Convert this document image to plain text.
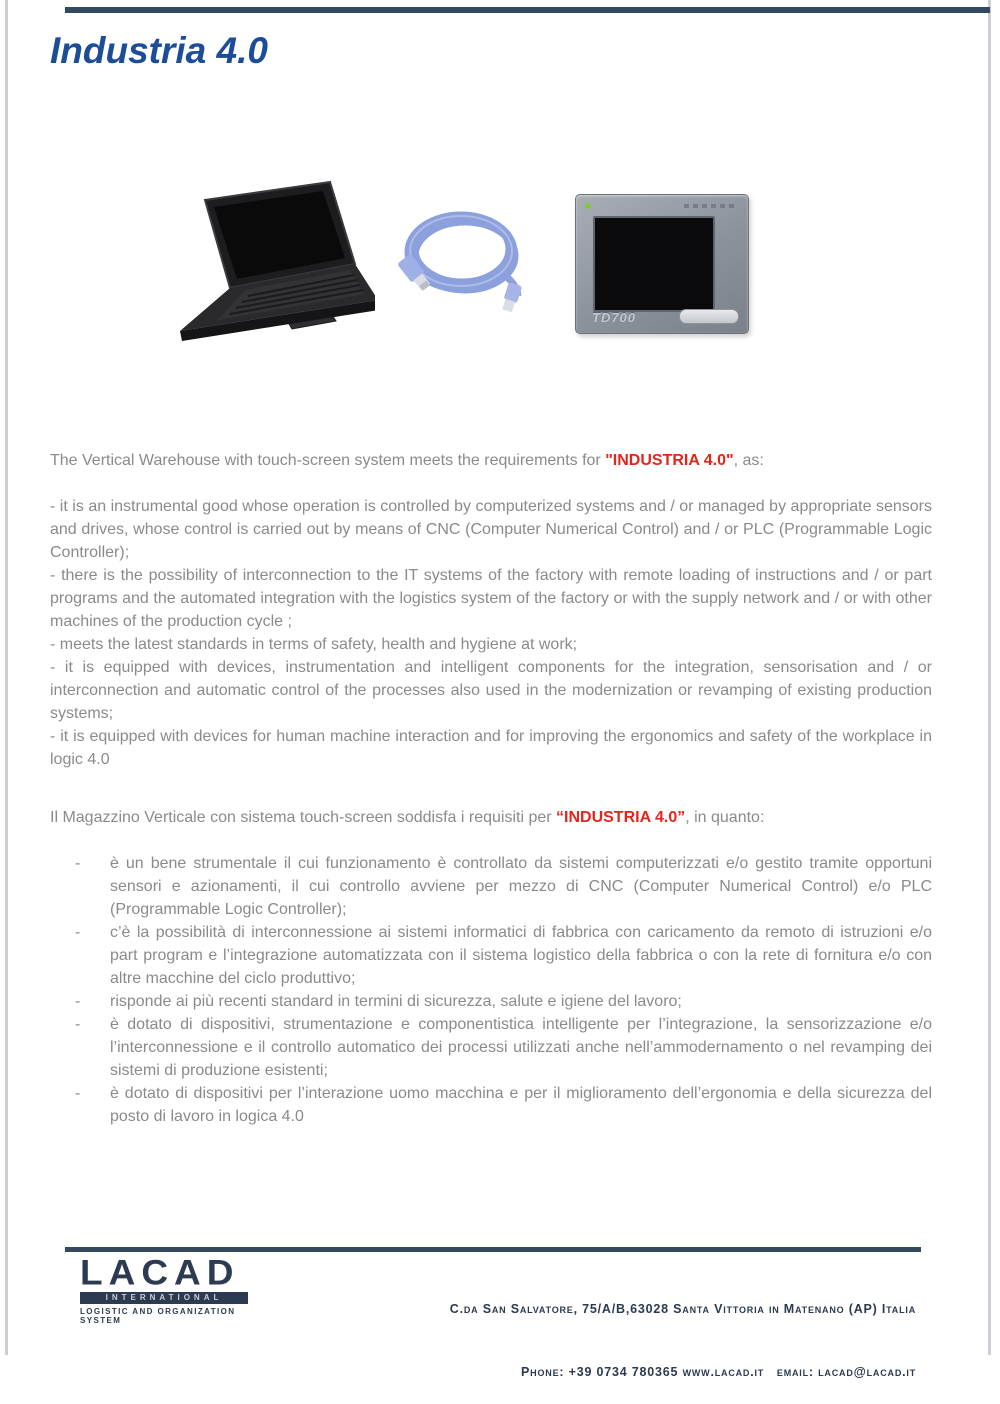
Industria 4.0
TD700

The Vertical Warehouse with touch-screen system meets the requirements for "INDUSTRIA 4.0", as:

- it is an instrumental good whose operation is controlled by computerized systems and / or managed by appropriate sensors and drives, whose control is carried out by means of CNC (Computer Numerical Control) and / or PLC (Programmable Logic Controller);

- there is the possibility of interconnection to the IT systems of the factory with remote loading of instructions and / or part programs and the automated integration with the logistics system of the factory or with the supply network and / or with other machines of the production cycle ;

- meets the latest standards in terms of safety, health and hygiene at work;

- it is equipped with devices, instrumentation and intelligent components for the integration, sensorisation and / or interconnection and automatic control of the processes also used in the modernization or revamping of existing production systems;

- it is equipped with devices for human machine interaction and for improving the ergonomics and safety of the workplace in logic 4.0

Il Magazzino Verticale con sistema touch-screen soddisfa i requisiti per “INDUSTRIA 4.0”, in quanto:
-	è un bene strumentale il cui funzionamento è controllato da sistemi computerizzati e/o gestito tramite opportuni sensori e azionamenti, il cui controllo avviene per mezzo di CNC (Computer Numerical Control) e/o PLC (Programmable Logic Controller);
-	c’è la possibilità di interconnessione ai sistemi informatici di fabbrica con caricamento da remoto di istruzioni e/o part program e l’integrazione automatizzata con il sistema logistico della fabbrica o con la rete di fornitura e/o con altre macchine del ciclo produttivo;
-	risponde ai più recenti standard in termini di sicurezza, salute e igiene del lavoro;
-	è dotato di dispositivi, strumentazione e componentistica intelligente per l’integrazione, la sensorizzazione e/o l’interconnessione e il controllo automatico dei processi utilizzati anche nell’ammodernamento o nel revamping dei sistemi di produzione esistenti;
-	è dotato di dispositivi per l’interazione uomo macchina e per il miglioramento dell’ergonomia e della sicurezza del posto di lavoro in logica 4.0
LACAD
INTERNATIONAL
LOGISTIC AND ORGANIZATION SYSTEM

C.da San Salvatore, 75/A/B,63028 Santa Vittoria in Matenano (AP) Italia

Phone: +39 0734 780365 www.lacad.it   email: lacad@lacad.it
